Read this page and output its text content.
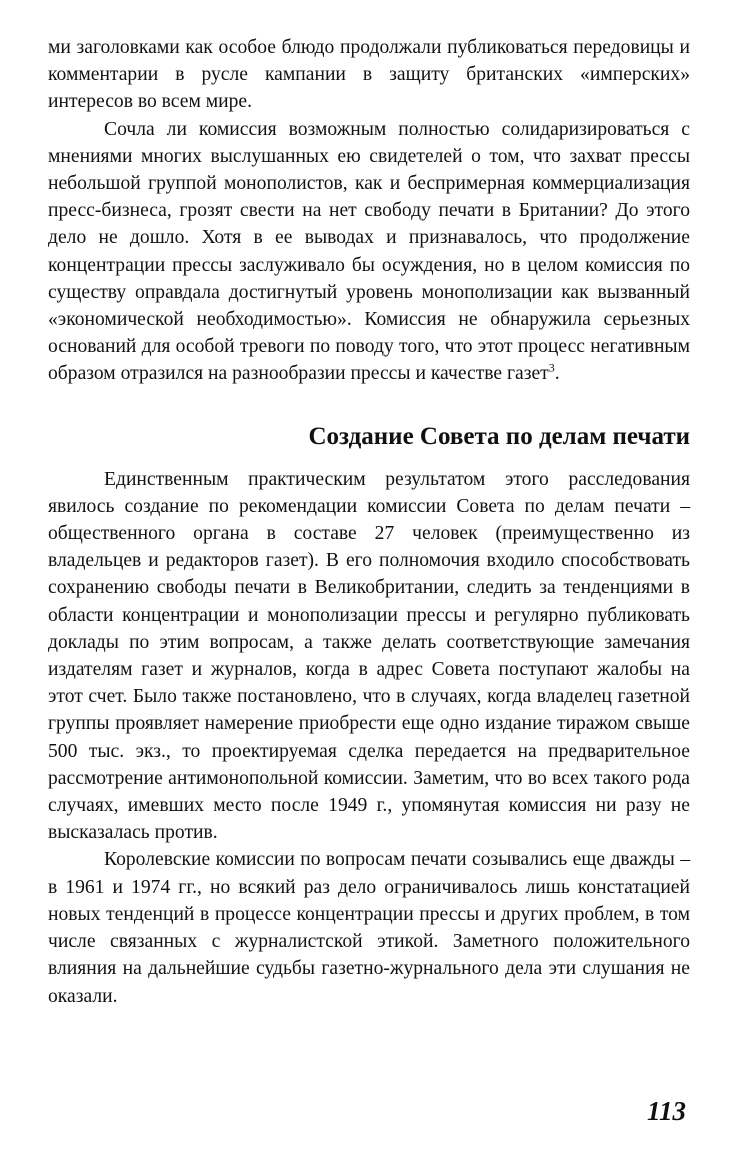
ми заголовками как особое блюдо продолжали публиковаться передовицы и комментарии в русле кампании в защиту британских «имперских» интересов во всем мире.

Сочла ли комиссия возможным полностью солидаризироваться с мнениями многих выслушанных ею свидетелей о том, что захват прессы небольшой группой монополистов, как и беспримерная коммерциализация пресс-бизнеса, грозят свести на нет свободу печати в Британии? До этого дело не дошло. Хотя в ее выводах и признавалось, что продолжение концентрации прессы заслуживало бы осуждения, но в целом комиссия по существу оправдала достигнутый уровень монополизации как вызванный «экономической необходимостью». Комиссия не обнаружила серьезных оснований для особой тревоги по поводу того, что этот процесс негативным образом отразился на разнообразии прессы и качестве газет$^3$.

Создание Совета по делам печати

Единственным практическим результатом этого расследования явилось создание по рекомендации комиссии Совета по делам печати – общественного органа в составе 27 человек (преимущественно из владельцев и редакторов газет). В его полномочия входило способствовать сохранению свободы печати в Великобритании, следить за тенденциями в области концентрации и монополизации прессы и регулярно публиковать доклады по этим вопросам, а также делать соответствующие замечания издателям газет и журналов, когда в адрес Совета поступают жалобы на этот счет. Было также постановлено, что в случаях, когда владелец газетной группы проявляет намерение приобрести еще одно издание тиражом свыше 500 тыс. экз., то проектируемая сделка передается на предварительное рассмотрение антимонопольной комиссии. Заметим, что во всех такого рода случаях, имевших место после 1949 г., упомянутая комиссия ни разу не высказалась против.

Королевские комиссии по вопросам печати созывались еще дважды – в 1961 и 1974 гг., но всякий раз дело ограничивалось лишь констатацией новых тенденций в процессе концентрации прессы и других проблем, в том числе связанных с журналистской этикой. Заметного положительного влияния на дальнейшие судьбы газетно-журнального дела эти слушания не оказали.

113
